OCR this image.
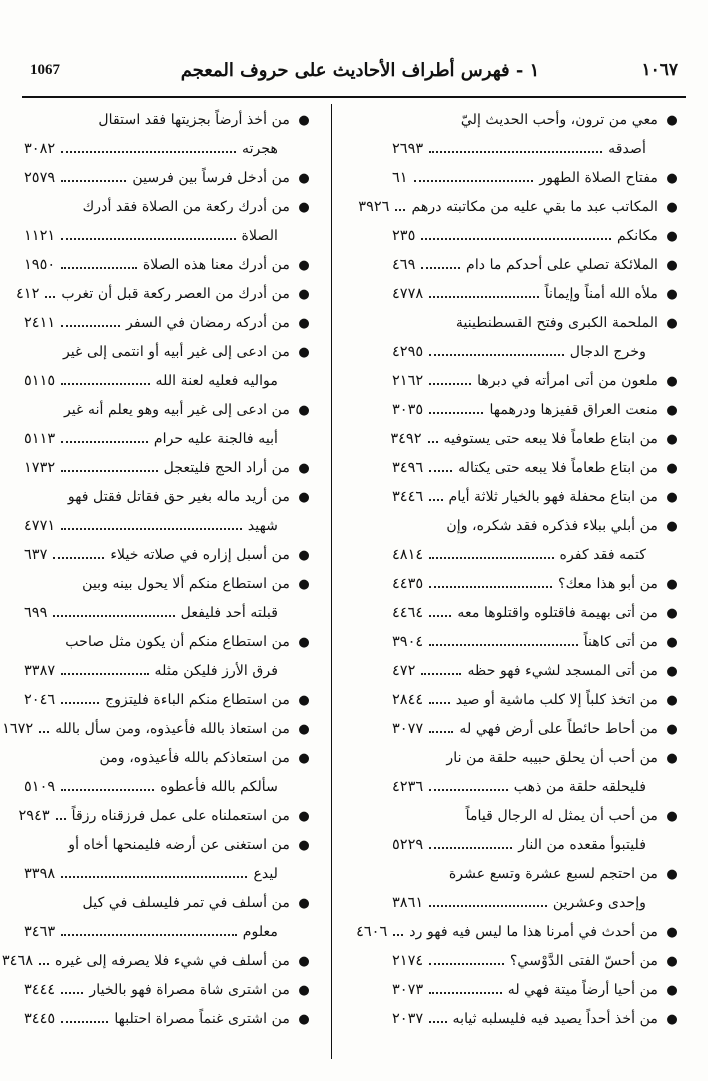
1067	١ - فهرس أطراف الأحاديث على حروف المعجم	١٠٦٧
●
معي من ترون، وأحب الحديث إليّ
أصدقه
٢٦٩٣
●
مفتاح الصلاة الطهور
٦١
●
المكاتب عبد ما بقي عليه من مكاتبته درهم
٣٩٢٦
●
مكانكم
٢٣٥
●
الملائكة تصلي على أحدكم ما دام
٤٦٩
●
ملأه الله أمناً وإيماناً
٤٧٧٨
●
الملحمة الكبرى وفتح القسطنطينية
وخرج الدجال
٤٢٩٥
●
ملعون من أتى امرأته في دبرها
٢١٦٢
●
منعت العراق قفيزها ودرهمها
٣٠٣٥
●
من ابتاع طعاماً فلا يبعه حتى يستوفيه
٣٤٩٢
●
من ابتاع طعاماً فلا يبعه حتى يكتاله
٣٤٩٦
●
من ابتاع محفلة فهو بالخيار ثلاثة أيام
٣٤٤٦
●
من أبلي ببلاء فذكره فقد شكره، وإن
كتمه فقد كفره
٤٨١٤
●
من أبو هذا معك؟
٤٤٣٥
●
من أتى بهيمة فاقتلوه واقتلوها معه
٤٤٦٤
●
من أتى كاهناً
٣٩٠٤
●
من أتى المسجد لشيء فهو حظه
٤٧٢
●
من اتخذ كلباً إلا كلب ماشية أو صيد
٢٨٤٤
●
من أحاط حائطاً على أرض فهي له
٣٠٧٧
●
من أحب أن يحلق حبيبه حلقة من نار
فليحلقه حلقة من ذهب
٤٢٣٦
●
من أحب أن يمثل له الرجال قياماً
فليتبوأ مقعده من النار
٥٢٢٩
●
من احتجم لسبع عشرة وتسع عشرة
وإحدى وعشرين
٣٨٦١
●
من أحدث في أمرنا هذا ما ليس فيه فهو رد
٤٦٠٦
●
من أحسّ الفتى الدَّوْسي؟
٢١٧٤
●
من أحيا أرضاً ميتة فهي له
٣٠٧٣
●
من أخذ أحداً يصيد فيه فليسلبه ثيابه
٢٠٣٧
●
من أخذ أرضاً بجزيتها فقد استقال
هجرته
٣٠٨٢
●
من أدخل فرساً بين فرسين
٢٥٧٩
●
من أدرك ركعة من الصلاة فقد أدرك
الصلاة
١١٢١
●
من أدرك معنا هذه الصلاة
١٩٥٠
●
من أدرك من العصر ركعة قبل أن تغرب
٤١٢
●
من أدركه رمضان في السفر
٢٤١١
●
من ادعى إلى غير أبيه أو انتمى إلى غير
مواليه فعليه لعنة الله
٥١١٥
●
من ادعى إلى غير أبيه وهو يعلم أنه غير
أبيه فالجنة عليه حرام
٥١١٣
●
من أراد الحج فليتعجل
١٧٣٢
●
من أريد ماله بغير حق فقاتل فقتل فهو
شهيد
٤٧٧١
●
من أسبل إزاره في صلاته خيلاء
٦٣٧
●
من استطاع منكم ألا يحول بينه وبين
قبلته أحد فليفعل
٦٩٩
●
من استطاع منكم أن يكون مثل صاحب
فرق الأرز فليكن مثله
٣٣٨٧
●
من استطاع منكم الباءة فليتزوج
٢٠٤٦
●
من استعاذ بالله فأعيذوه، ومن سأل بالله
١٦٧٢
●
من استعاذكم بالله فأعيذوه، ومن
سألكم بالله فأعطوه
٥١٠٩
●
من استعملناه على عمل فرزقناه رزقاً
٢٩٤٣
●
من استغنى عن أرضه فليمنحها أخاه أو
ليدع
٣٣٩٨
●
من أسلف في تمر فليسلف في كيل
معلوم
٣٤٦٣
●
من أسلف في شيء فلا يصرفه إلى غيره
٣٤٦٨
●
من اشترى شاة مصراة فهو بالخيار
٣٤٤٤
●
من اشترى غنماً مصراة احتلبها
٣٤٤٥
